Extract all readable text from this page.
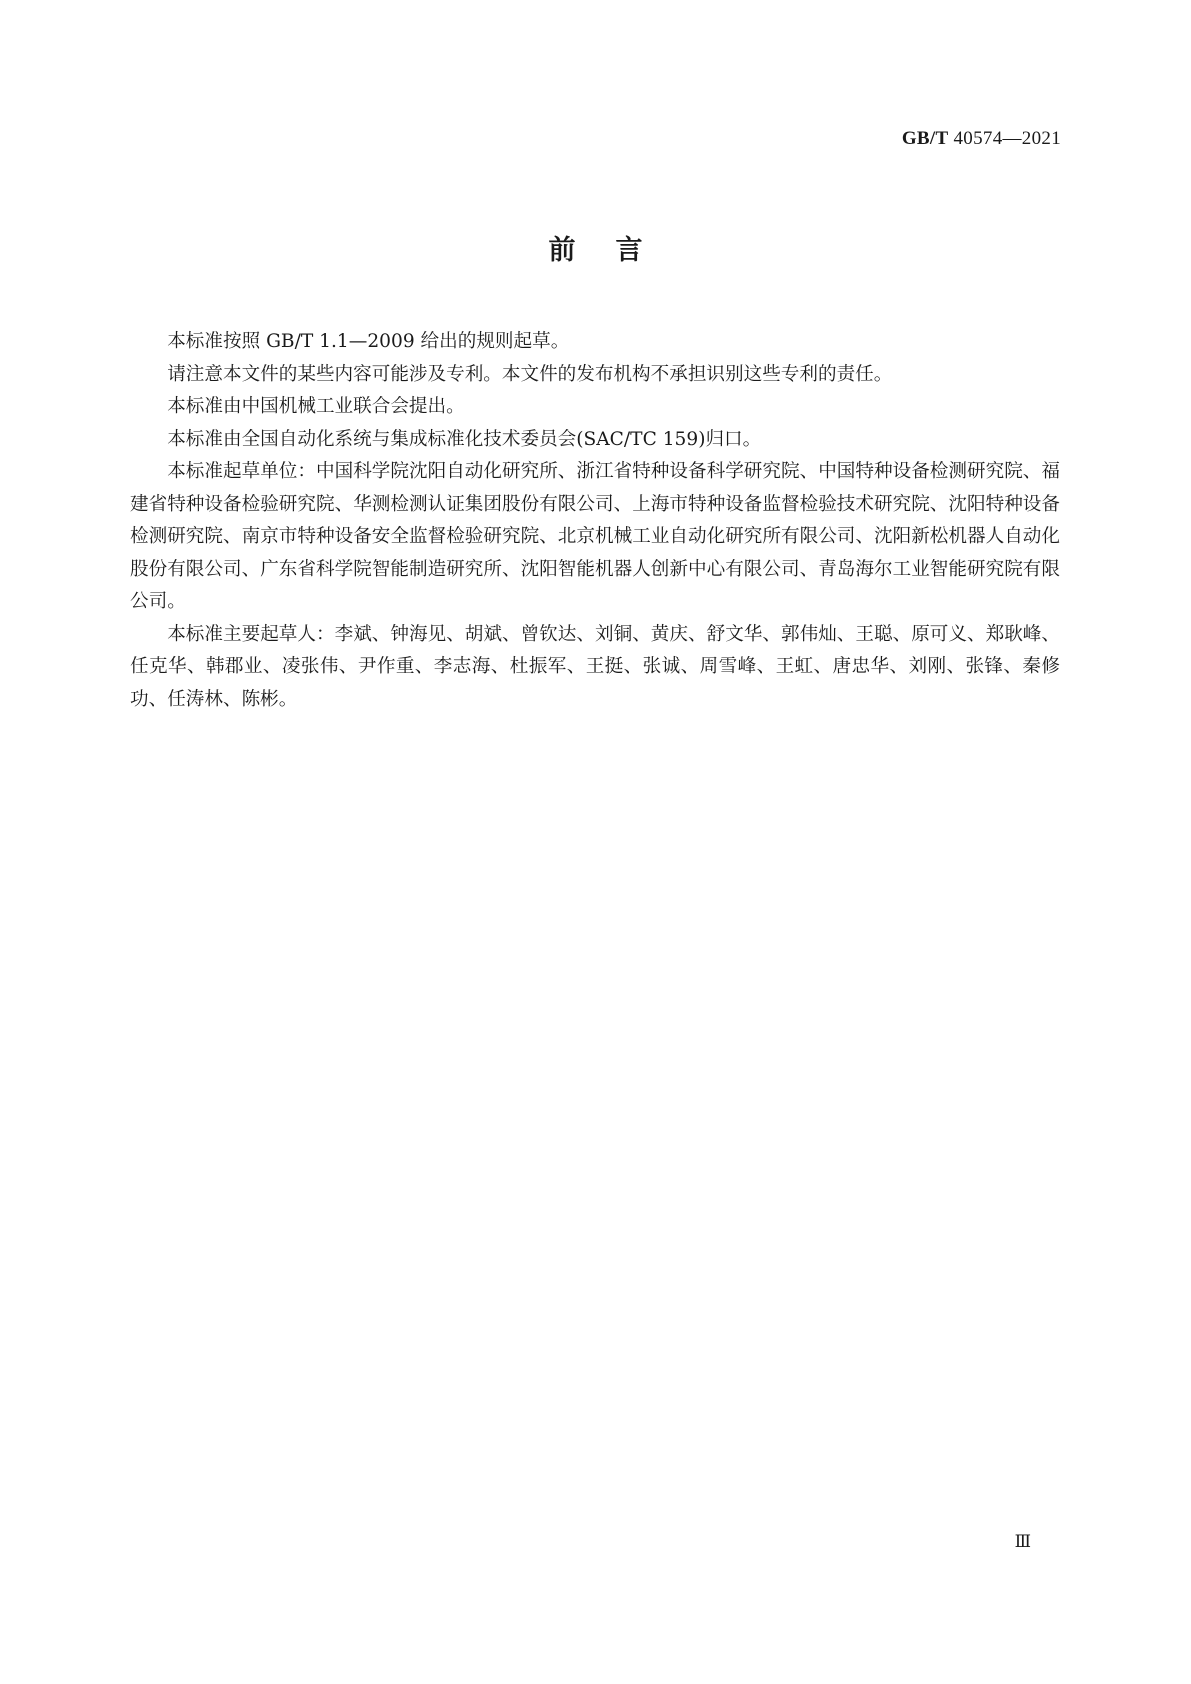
GB/T 40574—2021
前言

本标准按照 GB/T 1.1—2009 给出的规则起草。

请注意本文件的某些内容可能涉及专利。本文件的发布机构不承担识别这些专利的责任。

本标准由中国机械工业联合会提出。

本标准由全国自动化系统与集成标准化技术委员会(SAC/TC 159)归口。

本标准起草单位：中国科学院沈阳自动化研究所、浙江省特种设备科学研究院、中国特种设备检测研究院、福建省特种设备检验研究院、华测检测认证集团股份有限公司、上海市特种设备监督检验技术研究院、沈阳特种设备检测研究院、南京市特种设备安全监督检验研究院、北京机械工业自动化研究所有限公司、沈阳新松机器人自动化股份有限公司、广东省科学院智能制造研究所、沈阳智能机器人创新中心有限公司、青岛海尔工业智能研究院有限公司。

本标准主要起草人：李斌、钟海见、胡斌、曾钦达、刘铜、黄庆、舒文华、郭伟灿、王聪、原可义、郑耿峰、任克华、韩郡业、凌张伟、尹作重、李志海、杜振军、王挺、张诚、周雪峰、王虹、唐忠华、刘刚、张锋、秦修功、任涛林、陈彬。

Ⅲ
